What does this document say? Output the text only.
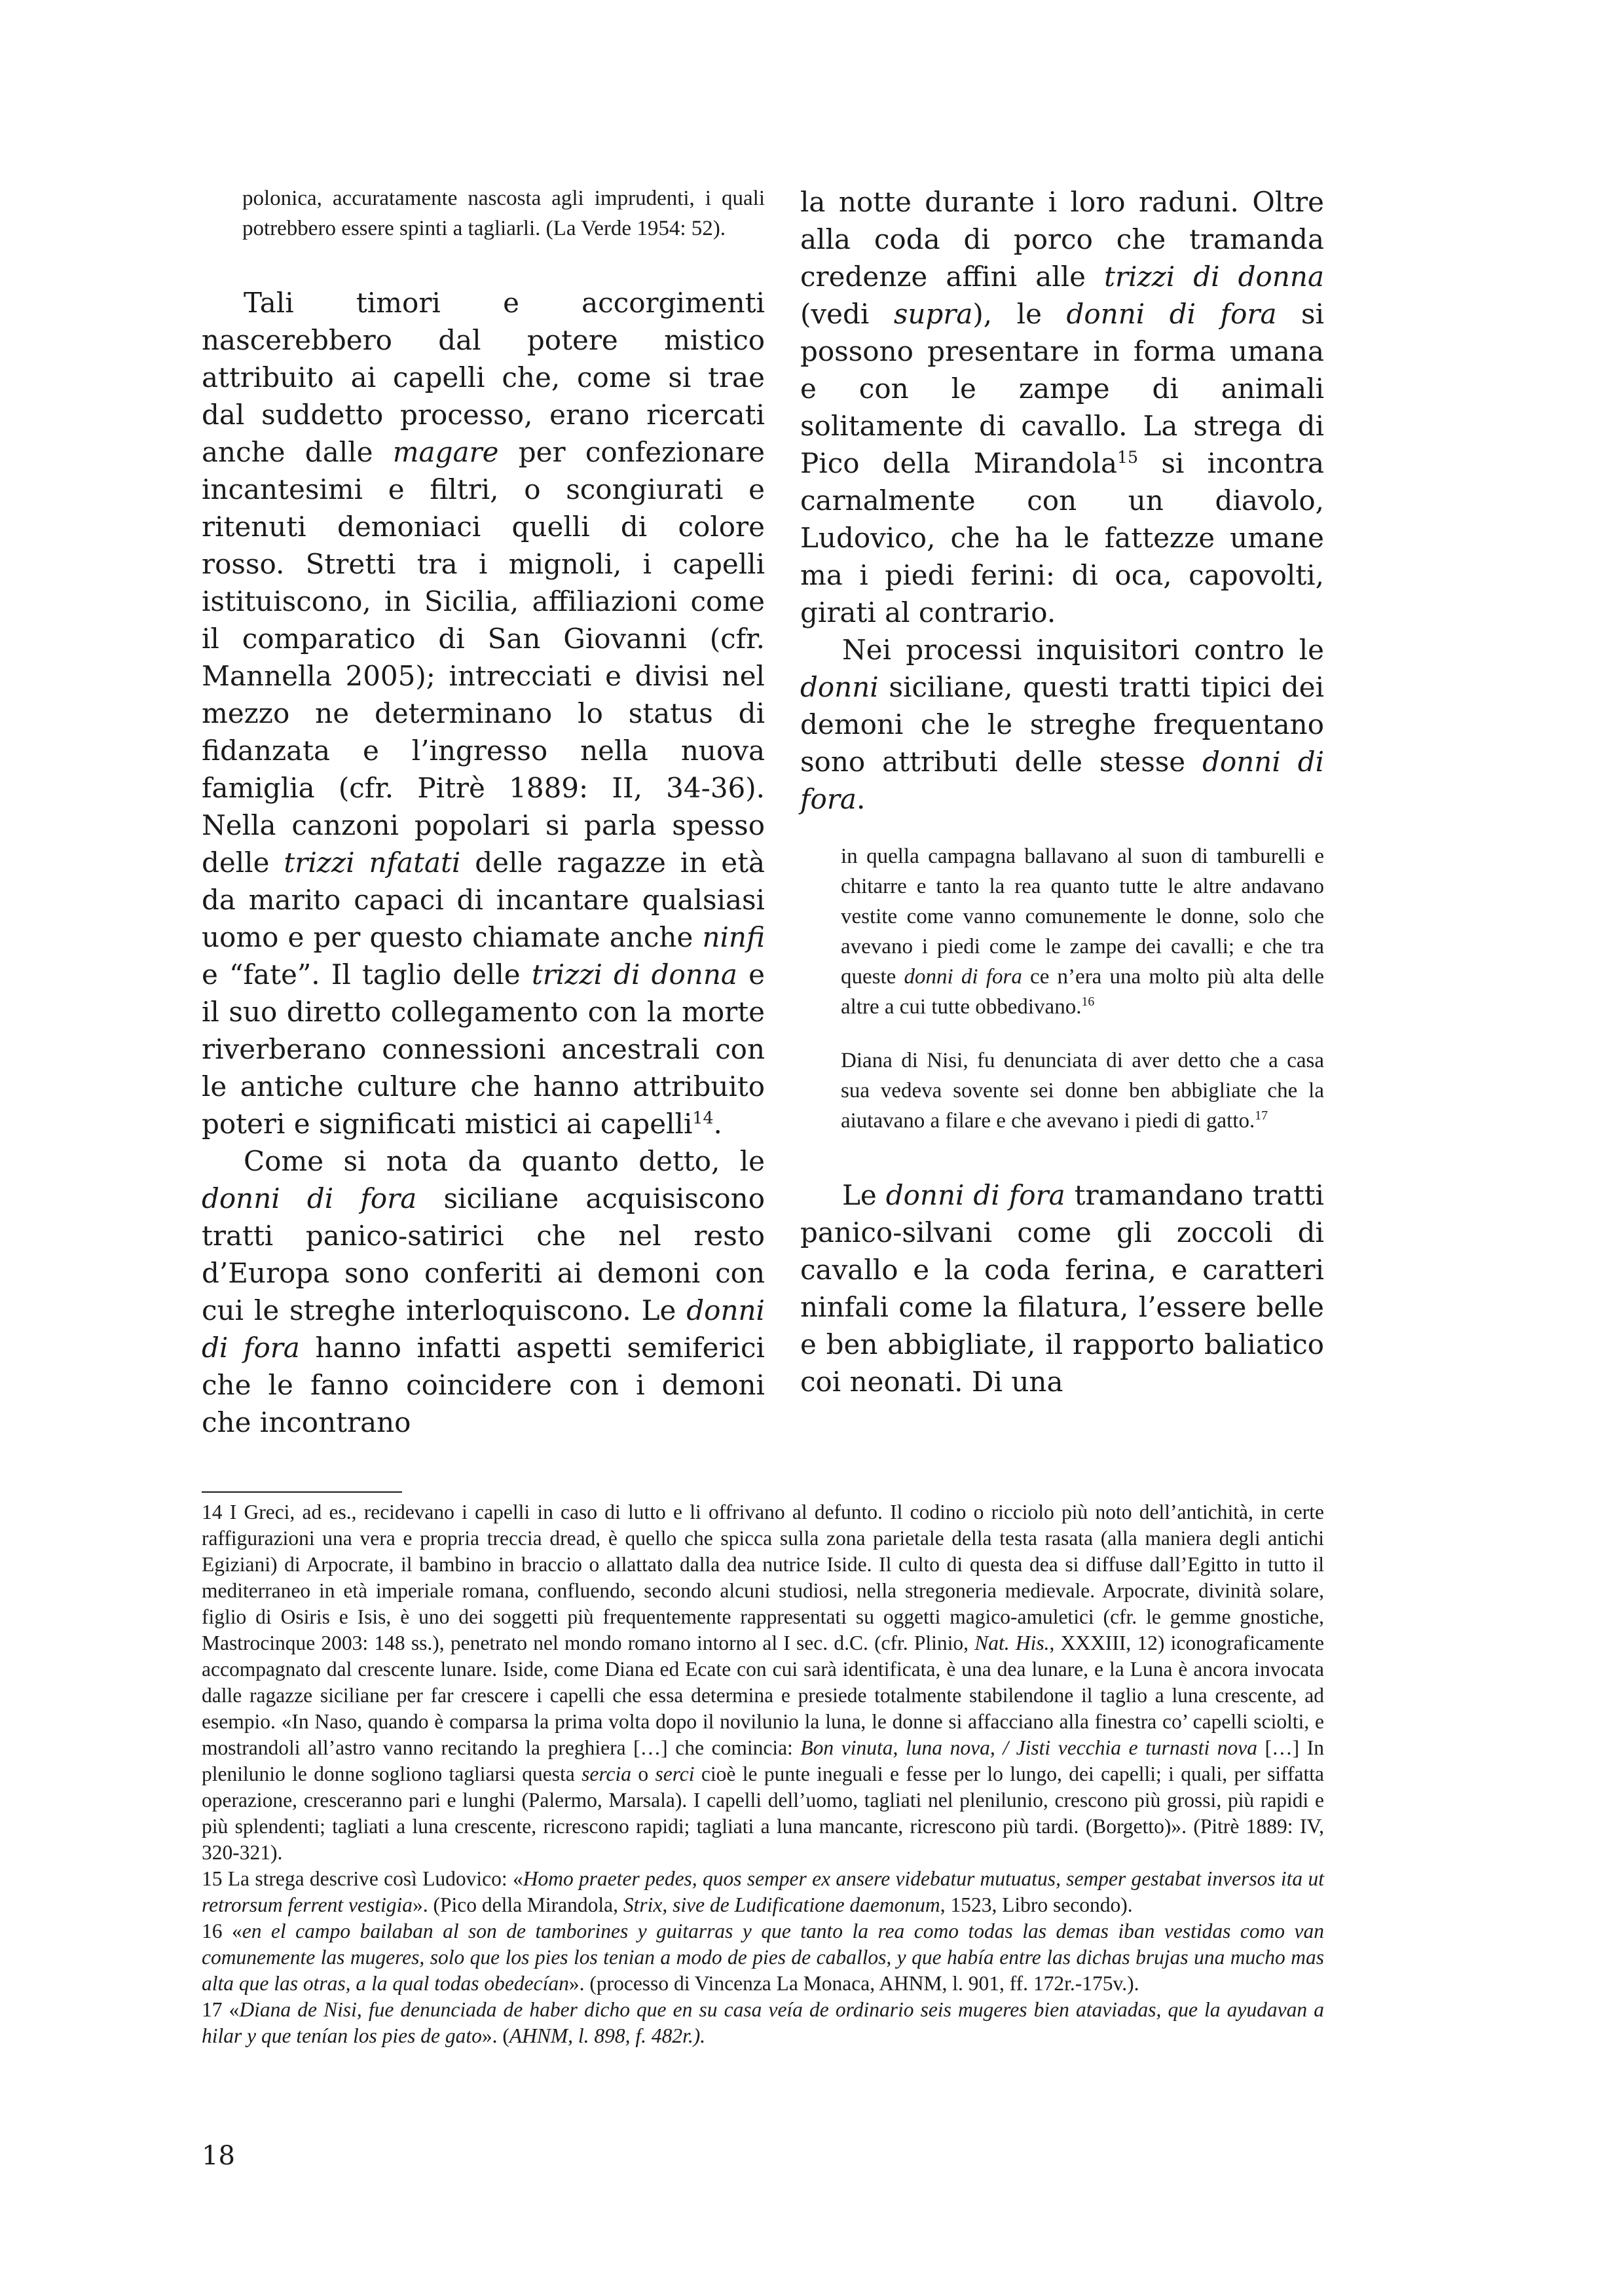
polonica, accuratamente nascosta agli imprudenti, i quali potrebbero essere spinti a tagliarli. (La Verde 1954: 52).

Tali timori e accorgimenti nascerebbero dal potere mistico attribuito ai capelli che, come si trae dal suddetto processo, erano ricercati anche dalle magare per confezionare incantesimi e filtri, o scongiurati e ritenuti demoniaci quelli di colore rosso. Stretti tra i mignoli, i capelli istituiscono, in Sicilia, affiliazioni come il comparatico di San Giovanni (cfr. Mannella 2005); intrecciati e divisi nel mezzo ne determinano lo status di fidanzata e l’ingresso nella nuova famiglia (cfr. Pitrè 1889: II, 34-36). Nella canzoni popolari si parla spesso delle trizzi nfatati delle ragazze in età da marito capaci di incantare qualsiasi uomo e per questo chiamate anche ninfi e “fate”. Il taglio delle trizzi di donna e il suo diretto collegamento con la morte riverberano connessioni ancestrali con le antiche culture che hanno attribuito poteri e significati mistici ai capelli$^{14}$.

Come si nota da quanto detto, le donni di fora siciliane acquisiscono tratti panico-satirici che nel resto d’Europa sono conferiti ai demoni con cui le streghe interloquiscono. Le donni di fora hanno infatti aspetti semiferici che le fanno coincidere con i demoni che incontrano

la notte durante i loro raduni. Oltre alla coda di porco che tramanda credenze affini alle trizzi di donna (vedi supra), le donni di fora si possono presentare in forma umana e con le zampe di animali solitamente di cavallo. La strega di Pico della Mirandola$^{15}$ si incontra carnalmente con un diavolo, Ludovico, che ha le fattezze umane ma i piedi ferini: di oca, capovolti, girati al contrario.

Nei processi inquisitori contro le donni siciliane, questi tratti tipici dei demoni che le streghe frequentano sono attributi delle stesse donni di fora.

in quella campagna ballavano al suon di tamburelli e chitarre e tanto la rea quanto tutte le altre andavano vestite come vanno comunemente le donne, solo che avevano i piedi come le zampe dei cavalli; e che tra queste donni di fora ce n’era una molto più alta delle altre a cui tutte obbedivano.$^{16}$

Diana di Nisi, fu denunciata di aver detto che a casa sua vedeva sovente sei donne ben abbigliate che la aiutavano a filare e che avevano i piedi di gatto.$^{17}$

Le donni di fora tramandano tratti panico-silvani come gli zoccoli di cavallo e la coda ferina, e caratteri ninfali come la filatura, l’essere belle e ben abbigliate, il rapporto baliatico coi neonati. Di una

14 I Greci, ad es., recidevano i capelli in caso di lutto e li offrivano al defunto. Il codino o ricciolo più noto dell’antichità, in certe raffigurazioni una vera e propria treccia dread, è quello che spicca sulla zona parietale della testa rasata (alla maniera degli antichi Egiziani) di Arpocrate, il bambino in braccio o allattato dalla dea nutrice Iside. Il culto di questa dea si diffuse dall’Egitto in tutto il mediterraneo in età imperiale romana, confluendo, secondo alcuni studiosi, nella stregoneria medievale. Arpocrate, divinità solare, figlio di Osiris e Isis, è uno dei soggetti più frequentemente rappresentati su oggetti magico-amuletici (cfr. le gemme gnostiche, Mastrocinque 2003: 148 ss.), penetrato nel mondo romano intorno al I sec. d.C. (cfr. Plinio, Nat. His., XXXIII, 12) iconograficamente accompagnato dal crescente lunare. Iside, come Diana ed Ecate con cui sarà identificata, è una dea lunare, e la Luna è ancora invocata dalle ragazze siciliane per far crescere i capelli che essa determina e presiede totalmente stabilendone il taglio a luna crescente, ad esempio. «In Naso, quando è comparsa la prima volta dopo il novilunio la luna, le donne si affacciano alla finestra co’ capelli sciolti, e mostrandoli all’astro vanno recitando la preghiera […] che comincia: Bon vinuta, luna nova, / Jisti vecchia e turnasti nova […] In plenilunio le donne sogliono tagliarsi questa sercia o serci cioè le punte ineguali e fesse per lo lungo, dei capelli; i quali, per siffatta operazione, cresceranno pari e lunghi (Palermo, Marsala). I capelli dell’uomo, tagliati nel plenilunio, crescono più grossi, più rapidi e più splendenti; tagliati a luna crescente, ricrescono rapidi; tagliati a luna mancante, ricrescono più tardi. (Borgetto)». (Pitrè 1889: IV, 320-321).

15 La strega descrive così Ludovico: «Homo praeter pedes, quos semper ex ansere videbatur mutuatus, semper gestabat inversos ita ut retrorsum ferrent vestigia». (Pico della Mirandola, Strix, sive de Ludificatione daemonum, 1523, Libro secondo).

16 «en el campo bailaban al son de tamborines y guitarras y que tanto la rea como todas las demas iban vestidas como van comunemente las mugeres, solo que los pies los tenian a modo de pies de caballos, y que había entre las dichas brujas una mucho mas alta que las otras, a la qual todas obedecían». (processo di Vincenza La Monaca, AHNM, l. 901, ff. 172r.-175v.).

17 «Diana de Nisi, fue denunciada de haber dicho que en su casa veía de ordinario seis mugeres bien ataviadas, que la ayudavan a hilar y que tenían los pies de gato». (AHNM, l. 898, f. 482r.).

18
